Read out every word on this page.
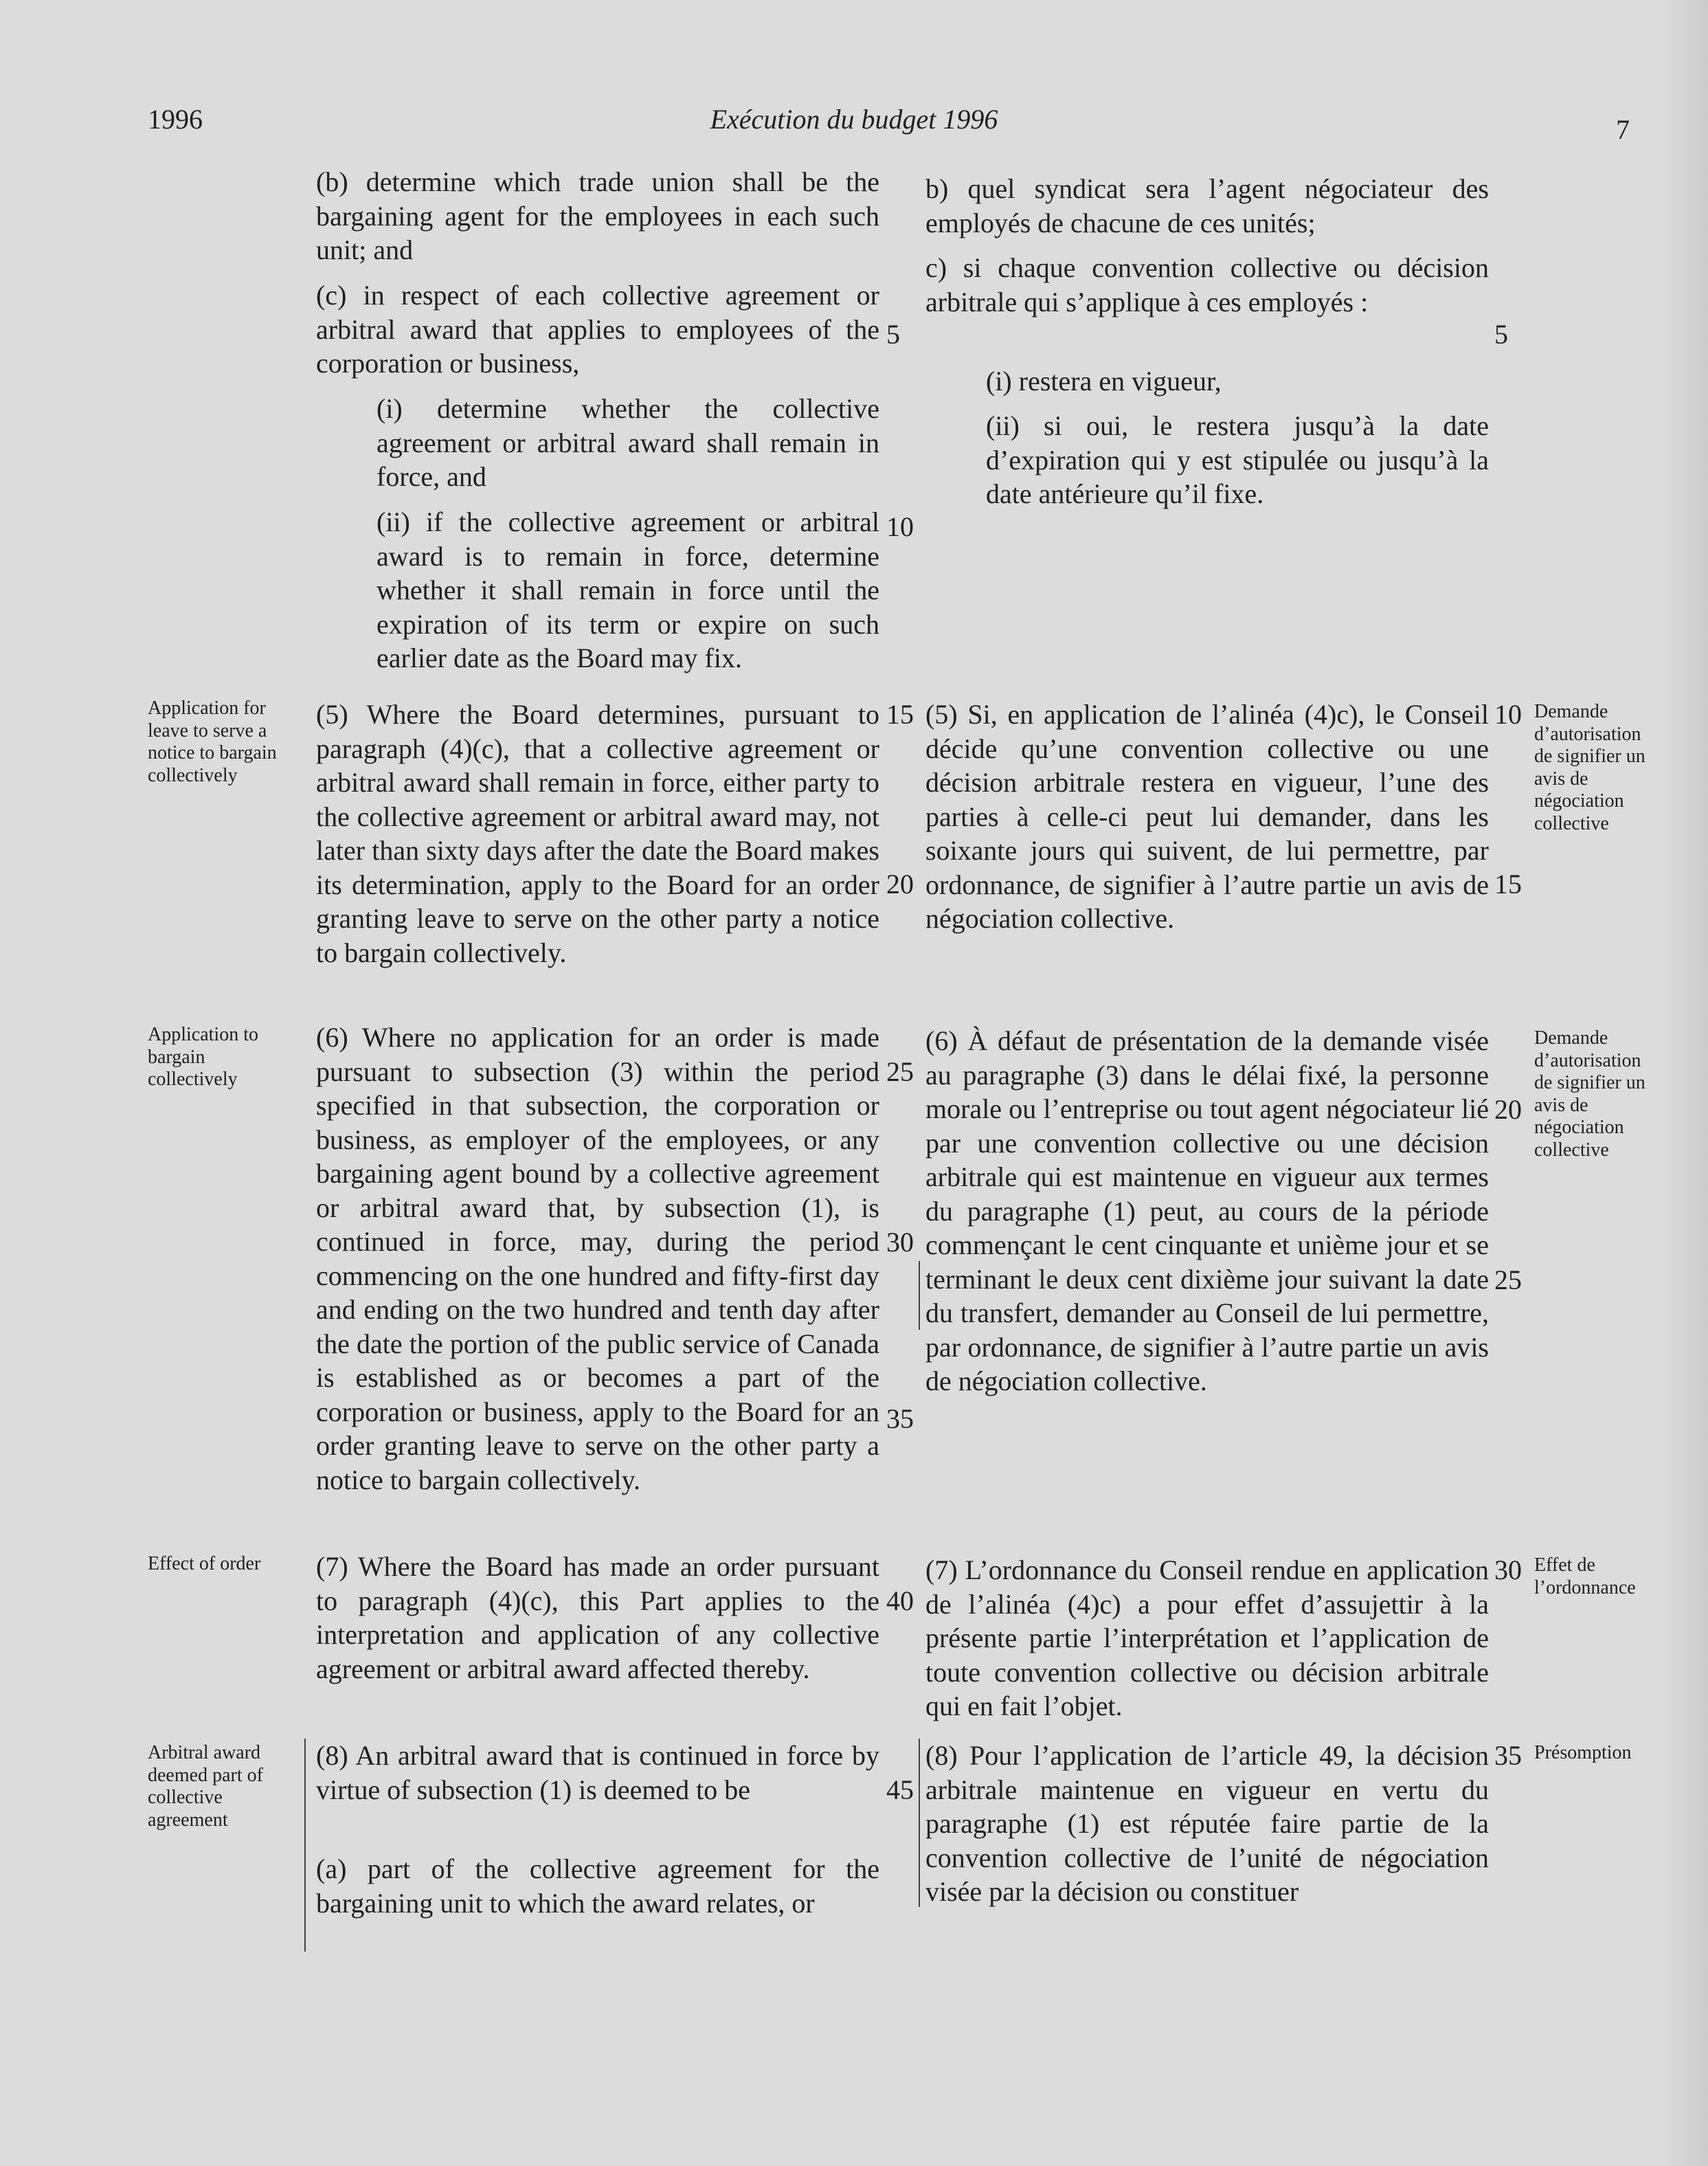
1996	Exécution du budget 1996	7

(b) determine which trade union shall be the bargaining agent for the employees in each such unit; and

(c) in respect of each collective agreement or arbitral award that applies to employees of the corporation or business,

(i) determine whether the collective agreement or arbitral award shall remain in force, and

(ii) if the collective agreement or arbitral award is to remain in force, determine whether it shall remain in force until the expiration of its term or expire on such earlier date as the Board may fix.

(5) Where the Board determines, pursuant to paragraph (4)(c), that a collective agreement or arbitral award shall remain in force, either party to the collective agreement or arbitral award may, not later than sixty days after the date the Board makes its determination, apply to the Board for an order granting leave to serve on the other party a notice to bargain collectively.

(6) Where no application for an order is made pursuant to subsection (3) within the period specified in that subsection, the corporation or business, as employer of the employees, or any bargaining agent bound by a collective agreement or arbitral award that, by subsection (1), is continued in force, may, during the period commencing on the one hundred and fifty-first day and ending on the two hundred and tenth day after the date the portion of the public service of Canada is established as or becomes a part of the corporation or business, apply to the Board for an order granting leave to serve on the other party a notice to bargain collectively.

(7) Where the Board has made an order pursuant to paragraph (4)(c), this Part applies to the interpretation and application of any collective agreement or arbitral award affected thereby.

(8) An arbitral award that is continued in force by virtue of subsection (1) is deemed to be

(a) part of the collective agreement for the bargaining unit to which the award relates, or

5
10
15
20
25
30
35
40
45
Application for leave to serve a notice to bargain collectively
Application to bargain collectively
Effect of order
Arbitral award deemed part of collective agreement

b) quel syndicat sera l’agent négociateur des employés de chacune de ces unités;

c) si chaque convention collective ou décision arbitrale qui s’applique à ces employés :

(i) restera en vigueur,

(ii) si oui, le restera jusqu’à la date d’expiration qui y est stipulée ou jusqu’à la date antérieure qu’il fixe.

(5) Si, en application de l’alinéa (4)c), le Conseil décide qu’une convention collective ou une décision arbitrale restera en vigueur, l’une des parties à celle-ci peut lui demander, dans les soixante jours qui suivent, de lui permettre, par ordonnance, de signifier à l’autre partie un avis de négociation collective.

(6) À défaut de présentation de la demande visée au paragraphe (3) dans le délai fixé, la personne morale ou l’entreprise ou tout agent négociateur lié par une convention collective ou une décision arbitrale qui est maintenue en vigueur aux termes du paragraphe (1) peut, au cours de la période commençant le cent cinquante et unième jour et se terminant le deux cent dixième jour suivant la date du transfert, demander au Conseil de lui permettre, par ordonnance, de signifier à l’autre partie un avis de négociation collective.

(7) L’ordonnance du Conseil rendue en application de l’alinéa (4)c) a pour effet d’assujettir à la présente partie l’interprétation et l’application de toute convention collective ou décision arbitrale qui en fait l’objet.

(8) Pour l’application de l’article 49, la décision arbitrale maintenue en vigueur en vertu du paragraphe (1) est réputée faire partie de la convention collective de l’unité de négociation visée par la décision ou constituer

5
10
15
20
25
30
35
Demande d’autorisation de signifier un avis de négociation collective
Demande d’autorisation de signifier un avis de négociation collective
Effet de l’ordonnance
Présomption
